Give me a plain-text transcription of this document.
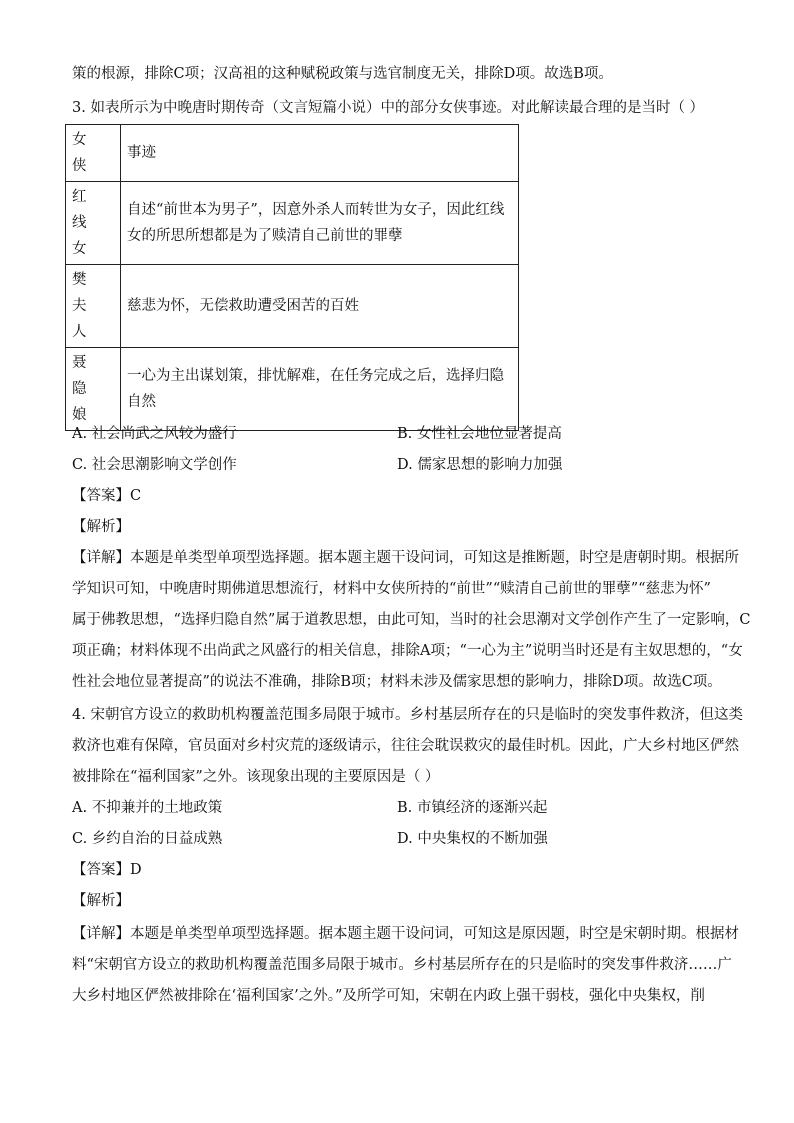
策的根源，排除C项；汉高祖的这种赋税政策与选官制度无关，排除D项。故选B项。
3. 如表所示为中晚唐时期传奇（文言短篇小说）中的部分女侠事迹。对此解读最合理的是当时（ ）
女侠	事迹
红线女	自述“前世本为男子”，因意外杀人而转世为女子，因此红线女的所思所想都是为了赎清自己前世的罪孽
樊夫人	慈悲为怀，无偿救助遭受困苦的百姓
聂隐娘	一心为主出谋划策，排忧解难，在任务完成之后，选择归隐自然
A. 社会尚武之风较为盛行	B. 女性社会地位显著提高
C. 社会思潮影响文学创作	D. 儒家思想的影响力加强
【答案】C
【解析】
【详解】本题是单类型单项型选择题。据本题主题干设问词，可知这是推断题，时空是唐朝时期。根据所
学知识可知，中晚唐时期佛道思想流行，材料中女侠所持的“前世”“赎清自己前世的罪孽”“慈悲为怀”
属于佛教思想，“选择归隐自然”属于道教思想，由此可知，当时的社会思潮对文学创作产生了一定影响，C
项正确；材料体现不出尚武之风盛行的相关信息，排除A项；“一心为主”说明当时还是有主奴思想的，“女
性社会地位显著提高”的说法不准确，排除B项；材料未涉及儒家思想的影响力，排除D项。故选C项。
4. 宋朝官方设立的救助机构覆盖范围多局限于城市。乡村基层所存在的只是临时的突发事件救济，但这类
救济也难有保障，官员面对乡村灾荒的逐级请示，往往会耽误救灾的最佳时机。因此，广大乡村地区俨然
被排除在“福利国家”之外。该现象出现的主要原因是（ ）
A. 不抑兼并的土地政策	B. 市镇经济的逐渐兴起
C. 乡约自治的日益成熟	D. 中央集权的不断加强
【答案】D
【解析】
【详解】本题是单类型单项型选择题。据本题主题干设问词，可知这是原因题，时空是宋朝时期。根据材
料“宋朝官方设立的救助机构覆盖范围多局限于城市。乡村基层所存在的只是临时的突发事件救济……广
大乡村地区俨然被排除在‘福利国家’之外。”及所学可知，宋朝在内政上强干弱枝，强化中央集权，削
